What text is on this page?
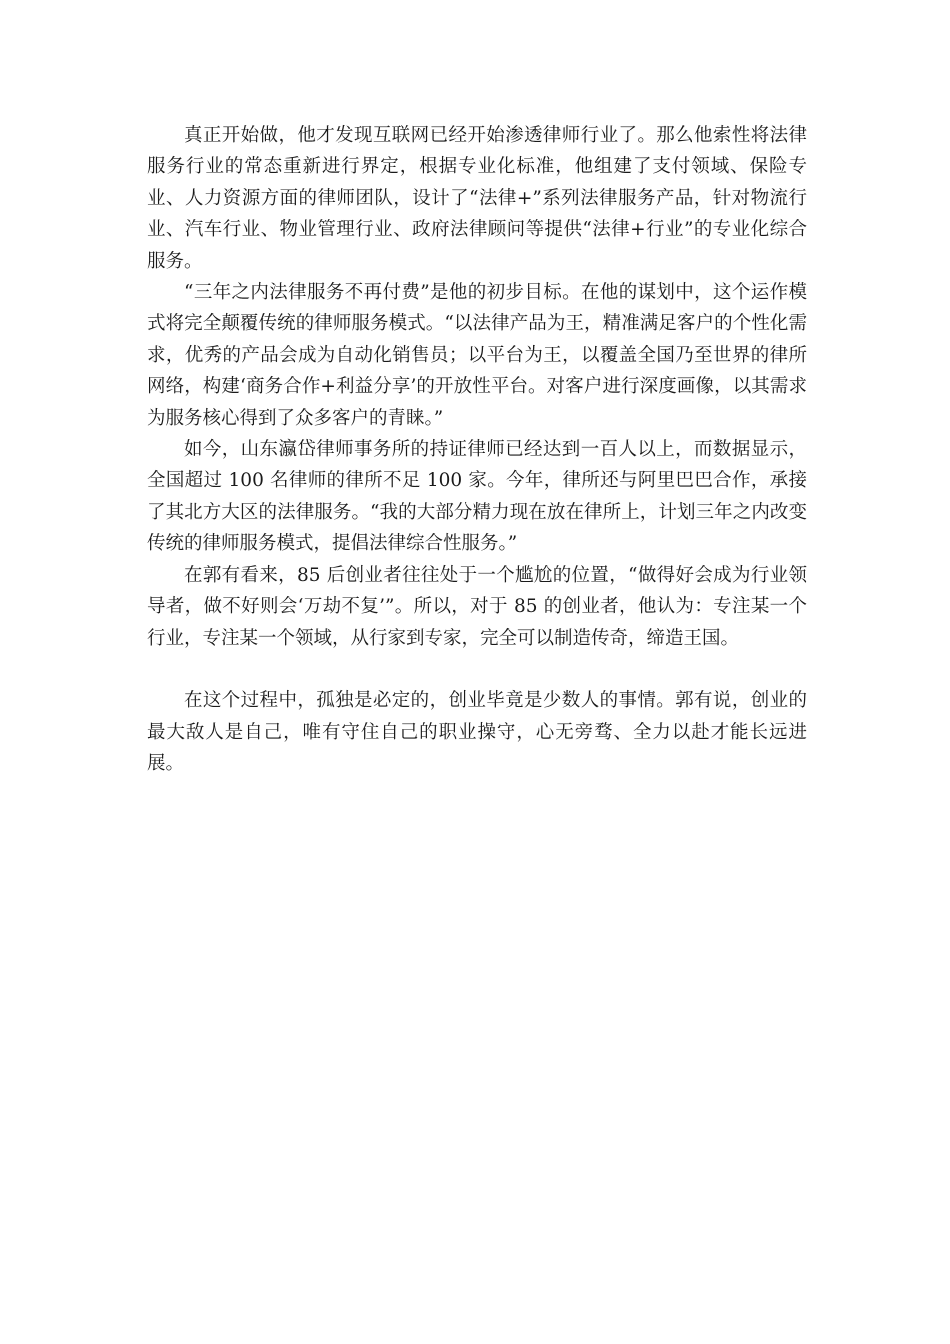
真正开始做，他才发现互联网已经开始渗透律师行业了。那么他索性将法律服务行业的常态重新进行界定，根据专业化标准，他组建了支付领域、保险专业、人力资源方面的律师团队，设计了“法律+”系列法律服务产品，针对物流行业、汽车行业、物业管理行业、政府法律顾问等提供“法律+行业”的专业化综合服务。

“三年之内法律服务不再付费”是他的初步目标。在他的谋划中，这个运作模式将完全颠覆传统的律师服务模式。“以法律产品为王，精准满足客户的个性化需求，优秀的产品会成为自动化销售员；以平台为王，以覆盖全国乃至世界的律所网络，构建‘商务合作+利益分享’的开放性平台。对客户进行深度画像，以其需求为服务核心得到了众多客户的青睐。”

如今，山东瀛岱律师事务所的持证律师已经达到一百人以上，而数据显示，全国超过 100 名律师的律所不足 100 家。今年，律所还与阿里巴巴合作，承接了其北方大区的法律服务。“我的大部分精力现在放在律所上，计划三年之内改变传统的律师服务模式，提倡法律综合性服务。”

在郭有看来，85 后创业者往往处于一个尴尬的位置，“做得好会成为行业领导者，做不好则会‘万劫不复’”。所以，对于 85 的创业者，他认为：专注某一个行业，专注某一个领域，从行家到专家，完全可以制造传奇，缔造王国。

在这个过程中，孤独是必定的，创业毕竟是少数人的事情。郭有说，创业的最大敌人是自己，唯有守住自己的职业操守，心无旁骛、全力以赴才能长远进展。
